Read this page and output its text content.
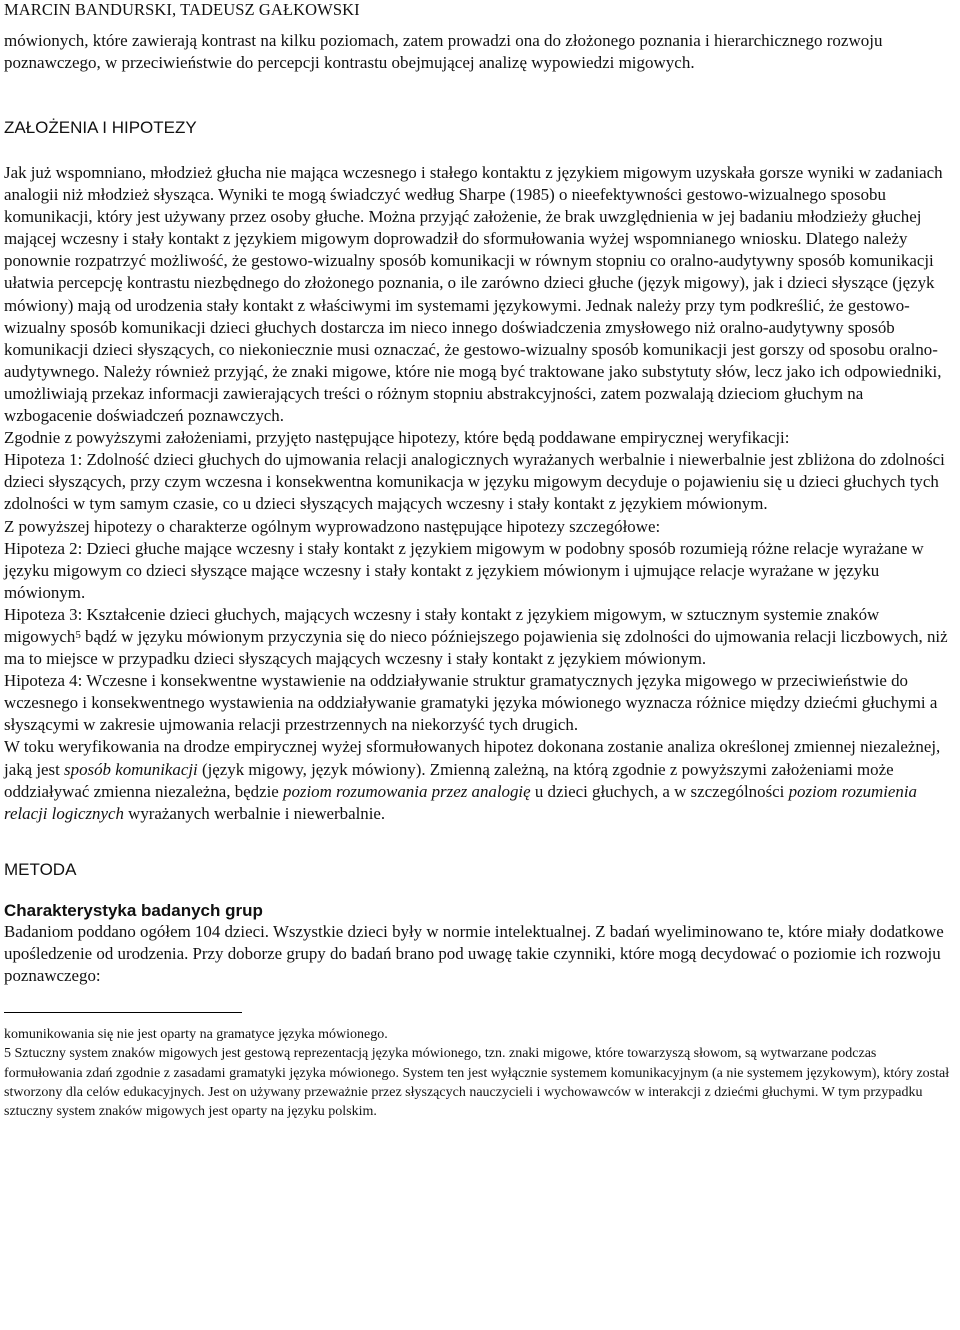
MARCIN BANDURSKI, TADEUSZ GAŁKOWSKI
mówionych, które zawierają kontrast na kilku poziomach, zatem prowadzi ona do złożonego poznania i hierarchicznego rozwoju poznawczego, w przeciwieństwie do percepcji kontrastu obejmującej analizę wypowiedzi migowych.
ZAŁOŻENIA I HIPOTEZY

Jak już wspomniano, młodzież głucha nie mająca wczesnego i stałego kontaktu z językiem migowym uzyskała gorsze wyniki w zadaniach analogii niż młodzież słysząca. Wyniki te mogą świadczyć według Sharpe (1985) o nieefektywności gestowo-wizualnego sposobu komunikacji, który jest używany przez osoby głuche. Można przyjąć założenie, że brak uwzględnienia w jej badaniu młodzieży głuchej mającej wczesny i stały kontakt z językiem migowym doprowadził do sformułowania wyżej wspomnianego wniosku. Dlatego należy ponownie rozpatrzyć możliwość, że gestowo-wizualny sposób komunikacji w równym stopniu co oralno-audytywny sposób komunikacji ułatwia percepcję kontrastu niezbędnego do złożonego poznania, o ile zarówno dzieci głuche (język migowy), jak i dzieci słyszące (język mówiony) mają od urodzenia stały kontakt z właściwymi im systemami językowymi. Jednak należy przy tym podkreślić, że gestowo-wizualny sposób komunikacji dzieci głuchych dostarcza im nieco innego doświadczenia zmysłowego niż oralno-audytywny sposób komunikacji dzieci słyszących, co niekoniecznie musi oznaczać, że gestowo-wizualny sposób komunikacji jest gorszy od sposobu oralno-audytywnego. Należy również przyjąć, że znaki migowe, które nie mogą być traktowane jako substytuty słów, lecz jako ich odpowiedniki, umożliwiają przekaz informacji zawierających treści o różnym stopniu abstrakcyjności, zatem pozwalają dzieciom głuchym na wzbogacenie doświadczeń poznawczych.

Zgodnie z powyższymi założeniami, przyjęto następujące hipotezy, które będą poddawane empirycznej weryfikacji:

Hipoteza 1: Zdolność dzieci głuchych do ujmowania relacji analogicznych wyrażanych werbalnie i niewerbalnie jest zbliżona do zdolności dzieci słyszących, przy czym wczesna i konsekwentna komunikacja w języku migowym decyduje o pojawieniu się u dzieci głuchych tych zdolności w tym samym czasie, co u dzieci słyszących mających wczesny i stały kontakt z językiem mówionym.

Z powyższej hipotezy o charakterze ogólnym wyprowadzono następujące hipotezy szczegółowe:

Hipoteza 2: Dzieci głuche mające wczesny i stały kontakt z językiem migowym w podobny sposób rozumieją różne relacje wyrażane w języku migowym co dzieci słyszące mające wczesny i stały kontakt z językiem mówionym i ujmujące relacje wyrażane w języku mówionym.

Hipoteza 3: Kształcenie dzieci głuchych, mających wczesny i stały kontakt z językiem migowym, w sztucznym systemie znaków migowych$^5$ bądź w języku mówionym przyczynia się do nieco późniejszego pojawienia się zdolności do ujmowania relacji liczbowych, niż ma to miejsce w przypadku dzieci słyszących mających wczesny i stały kontakt z językiem mówionym.

Hipoteza 4: Wczesne i konsekwentne wystawienie na oddziaływanie struktur gramatycznych języka migowego w przeciwieństwie do wczesnego i konsekwentnego wystawienia na oddziaływanie gramatyki języka mówionego wyznacza różnice między dziećmi głuchymi a słyszącymi w zakresie ujmowania relacji przestrzennych na niekorzyść tych drugich.

W toku weryfikowania na drodze empirycznej wyżej sformułowanych hipotez dokonana zostanie analiza określonej zmiennej niezależnej, jaką jest sposób komunikacji (język migowy, język mówiony). Zmienną zależną, na którą zgodnie z powyższymi założeniami może oddziaływać zmienna niezależna, będzie poziom rozumowania przez analogię u dzieci głuchych, a w szczególności poziom rozumienia relacji logicznych wyrażanych werbalnie i niewerbalnie.

METODA
Charakterystyka badanych grup

Badaniom poddano ogółem 104 dzieci. Wszystkie dzieci były w normie intelektualnej. Z badań wyeliminowano te, które miały dodatkowe upośledzenie od urodzenia. Przy doborze grupy do badań brano pod uwagę takie czynniki, które mogą decydować o poziomie ich rozwoju poznawczego:

komunikowania się nie jest oparty na gramatyce języka mówionego.

5 Sztuczny system znaków migowych jest gestową reprezentacją języka mówionego, tzn. znaki migowe, które towarzyszą słowom, są wytwarzane podczas formułowania zdań zgodnie z zasadami gramatyki języka mówionego. System ten jest wyłącznie systemem komunikacyjnym (a nie systemem językowym), który został stworzony dla celów edukacyjnych. Jest on używany przeważnie przez słyszących nauczycieli i wychowawców w interakcji z dziećmi głuchymi. W tym przypadku sztuczny system znaków migowych jest oparty na języku polskim.
